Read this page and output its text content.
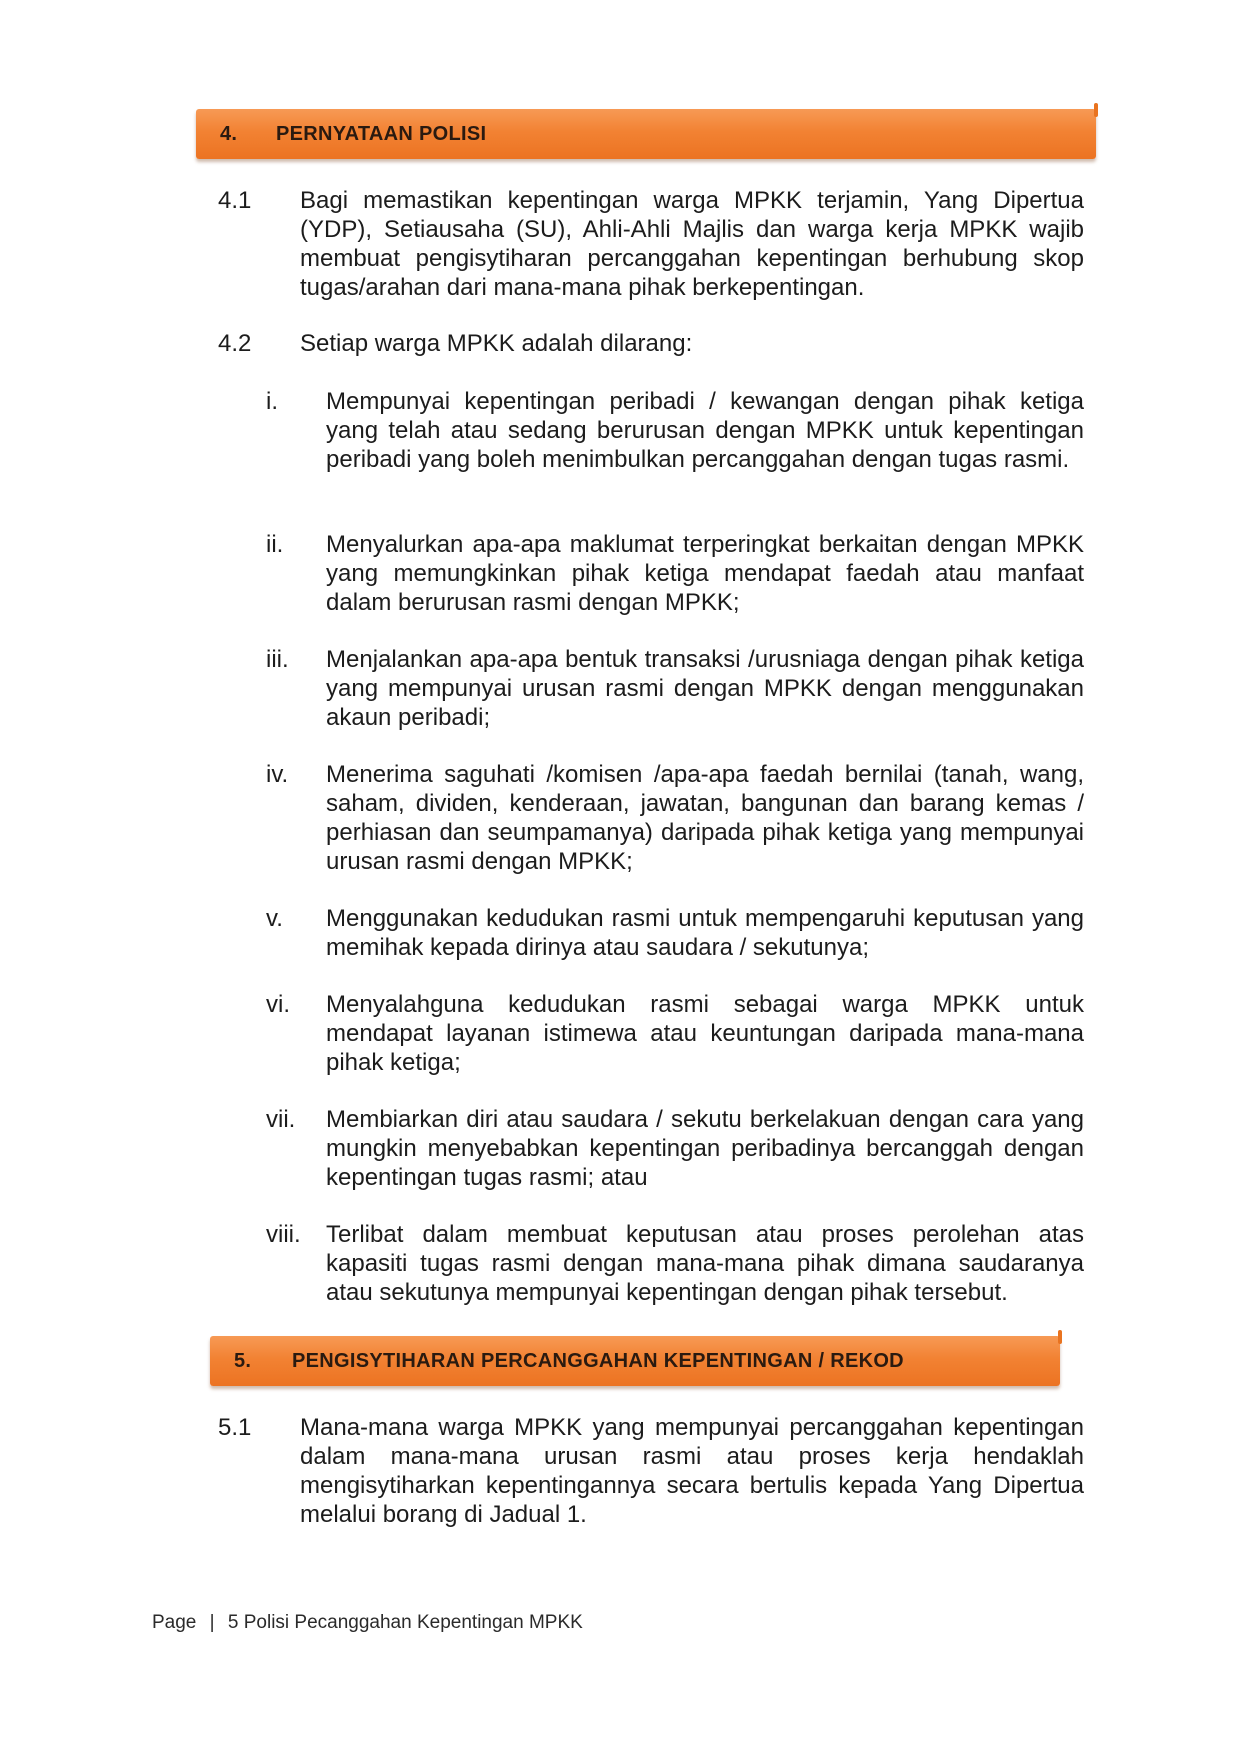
4. PERNYATAAN POLISI
4.1 Bagi memastikan kepentingan warga MPKK terjamin, Yang Dipertua (YDP), Setiausaha (SU), Ahli-Ahli Majlis dan warga kerja MPKK wajib membuat pengisytiharan percanggahan kepentingan berhubung skop tugas/arahan dari mana-mana pihak berkepentingan.
4.2 Setiap warga MPKK adalah dilarang:
i. Mempunyai kepentingan peribadi / kewangan dengan pihak ketiga yang telah atau sedang berurusan dengan MPKK untuk kepentingan peribadi yang boleh menimbulkan percanggahan dengan tugas rasmi.
ii. Menyalurkan apa-apa maklumat terperingkat berkaitan dengan MPKK yang memungkinkan pihak ketiga mendapat faedah atau manfaat dalam berurusan rasmi dengan MPKK;
iii. Menjalankan apa-apa bentuk transaksi /urusniaga dengan pihak ketiga yang mempunyai urusan rasmi dengan MPKK dengan menggunakan akaun peribadi;
iv. Menerima saguhati /komisen /apa-apa faedah bernilai (tanah, wang, saham, dividen, kenderaan, jawatan, bangunan dan barang kemas / perhiasan dan seumpamanya) daripada pihak ketiga yang mempunyai urusan rasmi dengan MPKK;
v. Menggunakan kedudukan rasmi untuk mempengaruhi keputusan yang memihak kepada dirinya atau saudara / sekutunya;
vi. Menyalahguna kedudukan rasmi sebagai warga MPKK untuk mendapat layanan istimewa atau keuntungan daripada mana-mana pihak ketiga;
vii. Membiarkan diri atau saudara / sekutu berkelakuan dengan cara yang mungkin menyebabkan kepentingan peribadinya bercanggah dengan kepentingan tugas rasmi; atau
viii. Terlibat dalam membuat keputusan atau proses perolehan atas kapasiti tugas rasmi dengan mana-mana pihak dimana saudaranya atau sekutunya mempunyai kepentingan dengan pihak tersebut.
5. PENGISYTIHARAN PERCANGGAHAN KEPENTINGAN / REKOD
5.1 Mana-mana warga MPKK yang mempunyai percanggahan kepentingan dalam mana-mana urusan rasmi atau proses kerja hendaklah mengisytiharkan kepentingannya secara bertulis kepada Yang Dipertua melalui borang di Jadual 1.
Page | 5 Polisi Pecanggahan Kepentingan MPKK
